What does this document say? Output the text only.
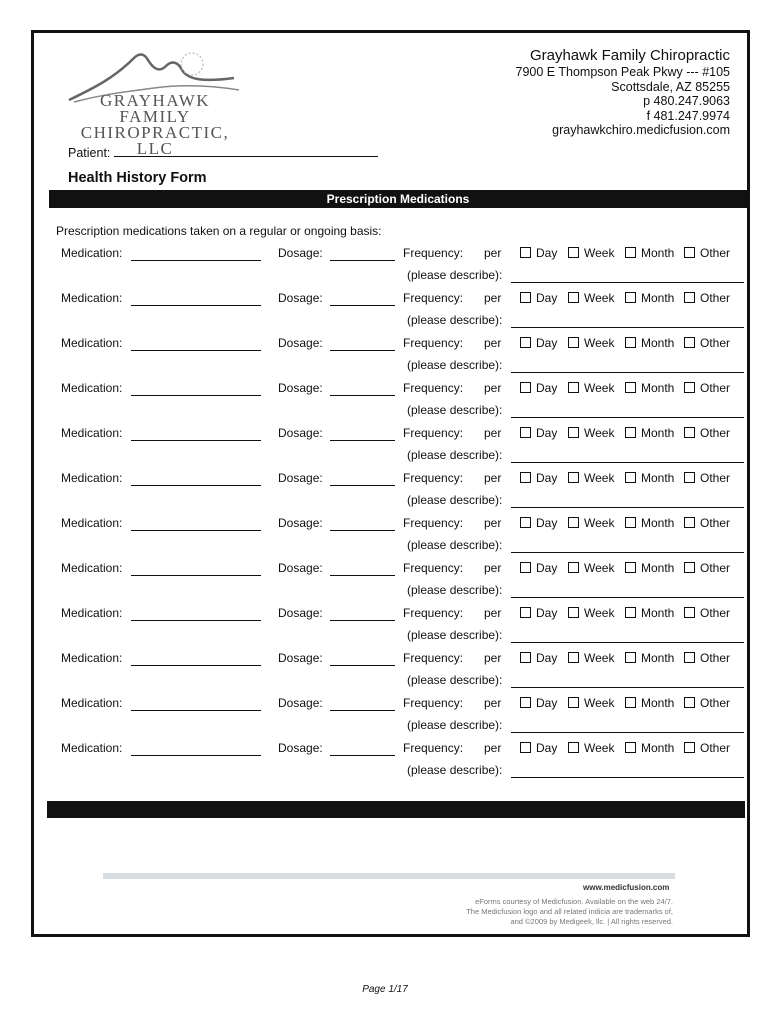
GRAYHAWK FAMILY
CHIROPRACTIC, LLC
Grayhawk Family Chiropractic
7900 E Thompson Peak Pkwy --- #105
Scottsdale, AZ 85255
p 480.247.9063
f 481.247.9974
grayhawkchiro.medicfusion.com
Patient:
Health History Form
Prescription Medications
Prescription medications taken on a regular or ongoing basis:
Medication:	Dosage:	Frequency: per	Day	Week	Month	Other
(please describe):
Medication:	Dosage:	Frequency: per	Day	Week	Month	Other
(please describe):
Medication:	Dosage:	Frequency: per	Day	Week	Month	Other
(please describe):
Medication:	Dosage:	Frequency: per	Day	Week	Month	Other
(please describe):
Medication:	Dosage:	Frequency: per	Day	Week	Month	Other
(please describe):
Medication:	Dosage:	Frequency: per	Day	Week	Month	Other
(please describe):
Medication:	Dosage:	Frequency: per	Day	Week	Month	Other
(please describe):
Medication:	Dosage:	Frequency: per	Day	Week	Month	Other
(please describe):
Medication:	Dosage:	Frequency: per	Day	Week	Month	Other
(please describe):
Medication:	Dosage:	Frequency: per	Day	Week	Month	Other
(please describe):
Medication:	Dosage:	Frequency: per	Day	Week	Month	Other
(please describe):
Medication:	Dosage:	Frequency: per	Day	Week	Month	Other
(please describe):
www.medicfusion.com
eForms courtesy of Medicfusion. Available on the web 24/7.
The Medicfusion logo and all related indicia are trademarks of,
and ©2009 by Medigeek, llc. | All rights reserved.
Page 1/17
